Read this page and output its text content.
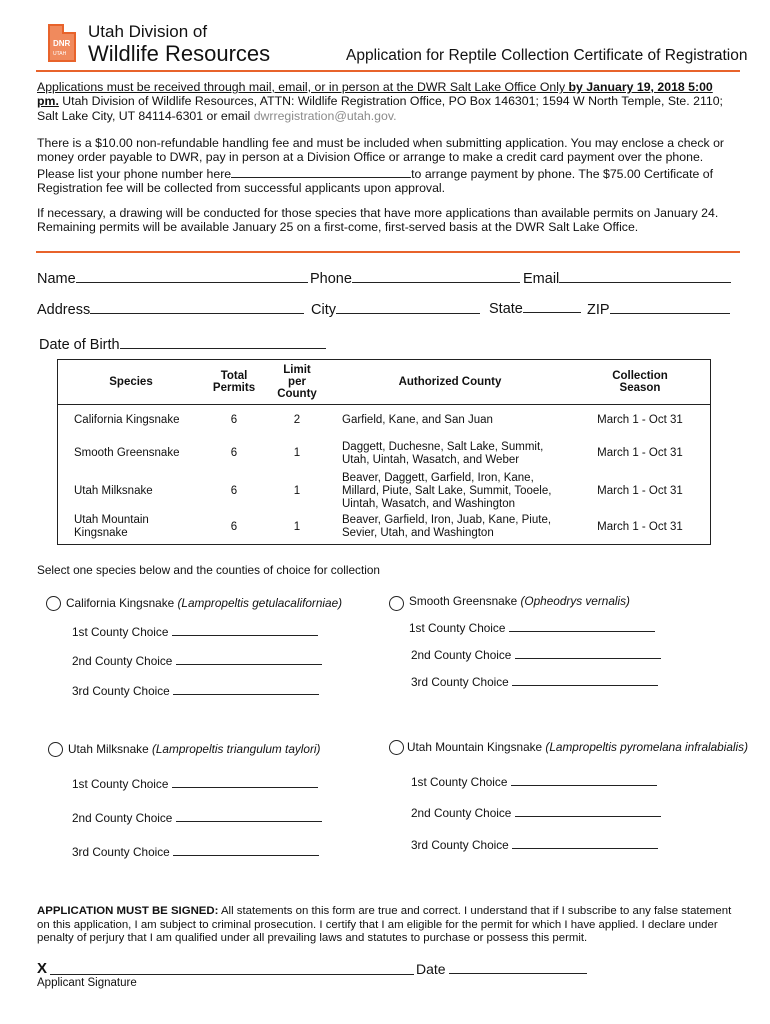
DNR
UTAH
Utah Division of
Wildlife Resources	Application for Reptile Collection Certificate of Registration
Applications must be received through mail, email, or in person at the DWR Salt Lake Office Only by January 19, 2018 5:00 pm. Utah Division of Wildlife Resources, ATTN: Wildlife Registration Office, PO Box 146301; 1594 W North Temple, Ste. 2110; Salt Lake City, UT 84114-6301 or email dwrregistration@utah.gov.
There is a $10.00 non-refundable handling fee and must be included when submitting application. You may enclose a check or money order payable to DWR, pay in person at a Division Office or arrange to make a credit card payment over the phone. Please list your phone number here	to arrange payment by phone. The $75.00 Certificate of Registration fee will be collected from successful applicants upon approval.
If necessary, a drawing will be conducted for those species that have more applications than available permits on January 24. Remaining permits will be available January 25 on a first-come, first-served basis at the DWR Salt Lake Office.
Name	Phone	Email
Address	City	State	ZIP
Date of Birth
Species	Total Permits	Limit per County	Authorized County	Collection Season

California Kingsnake	6	2	Garfield, Kane, and San Juan	March 1 - Oct 31
Smooth Greensnake	6	1	Daggett, Duchesne, Salt Lake, Summit, Utah, Uintah, Wasatch, and Weber	March 1 - Oct 31
Utah Milksnake	6	1	Beaver, Daggett, Garfield, Iron, Kane, Millard, Piute, Salt Lake, Summit, Tooele, Uintah, Wasatch, and Washington	March 1 - Oct 31
Utah Mountain Kingsnake	6	1	Beaver, Garfield, Iron, Juab, Kane, Piute, Sevier, Utah, and Washington	March 1 - Oct 31
Select one species below and the counties of choice for collection
California Kingsnake (Lampropeltis getulacaliforniae)
1st County Choice
2nd County Choice
3rd County Choice
Smooth Greensnake (Opheodrys vernalis)
1st County Choice
2nd County Choice
3rd County Choice
Utah Milksnake (Lampropeltis triangulum taylori)
1st County Choice
2nd County Choice
3rd County Choice
Utah Mountain Kingsnake (Lampropeltis pyromelana infralabialis)
1st County Choice
2nd County Choice
3rd County Choice
APPLICATION MUST BE SIGNED: All statements on this form are true and correct. I understand that if I subscribe to any false statement on this application, I am subject to criminal prosecution. I certify that I am eligible for the permit for which I have applied. I declare under penalty of perjury that I am qualified under all prevailing laws and statutes to purchase or possess this permit.
X	Date
Applicant Signature
